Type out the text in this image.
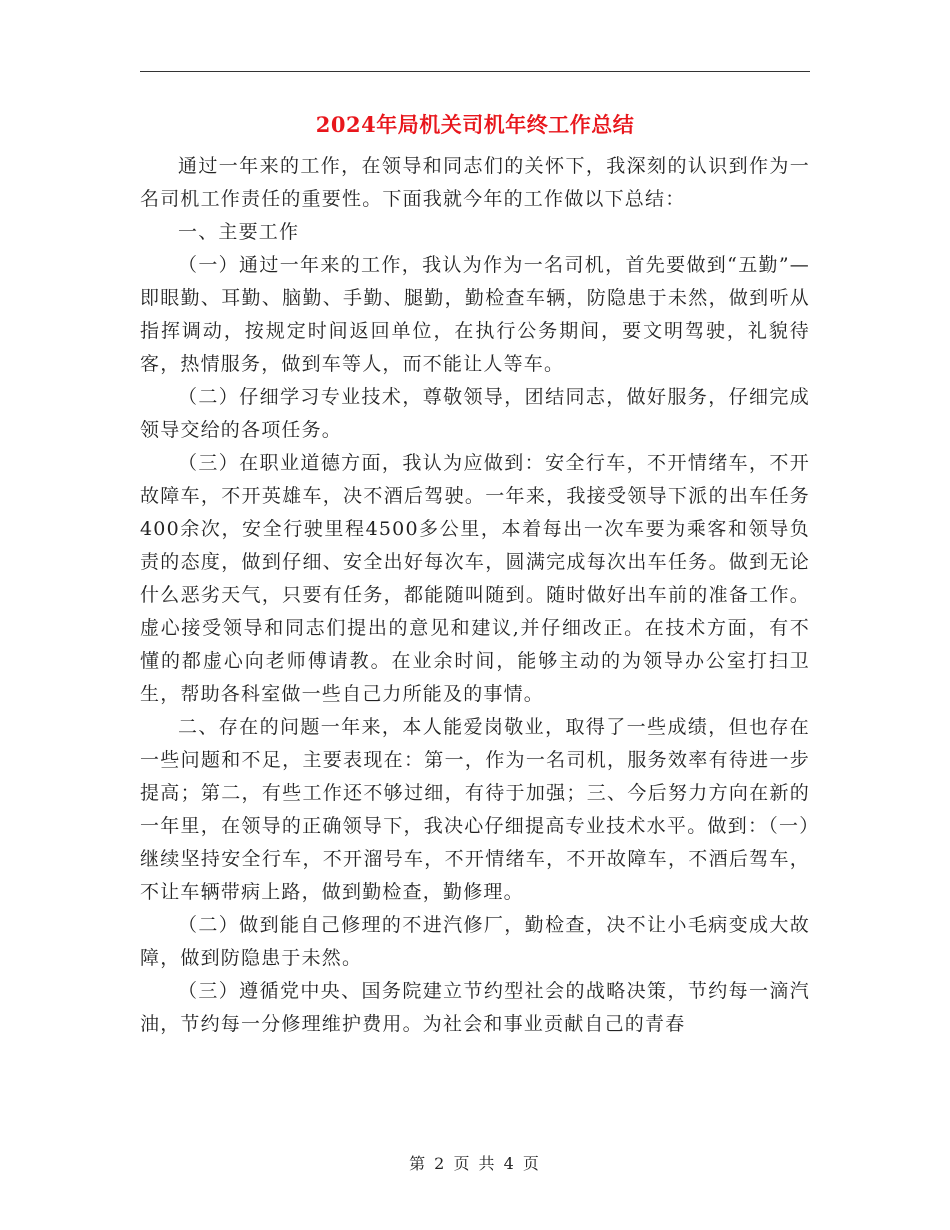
2024年局机关司机年终工作总结

通过一年来的工作，在领导和同志们的关怀下，我深刻的认识到作为一名司机工作责任的重要性。下面我就今年的工作做以下总结：

一、主要工作

（一）通过一年来的工作，我认为作为一名司机，首先要做到“五勤”—即眼勤、耳勤、脑勤、手勤、腿勤，勤检查车辆，防隐患于未然，做到听从指挥调动，按规定时间返回单位，在执行公务期间，要文明驾驶，礼貌待客，热情服务，做到车等人，而不能让人等车。

（二）仔细学习专业技术，尊敬领导，团结同志，做好服务，仔细完成领导交给的各项任务。

（三）在职业道德方面，我认为应做到：安全行车，不开情绪车，不开故障车，不开英雄车，决不酒后驾驶。一年来，我接受领导下派的出车任务400余次，安全行驶里程4500多公里，本着每出一次车要为乘客和领导负责的态度，做到仔细、安全出好每次车，圆满完成每次出车任务。做到无论什么恶劣天气，只要有任务，都能随叫随到。随时做好出车前的准备工作。虚心接受领导和同志们提出的意见和建议,并仔细改正。在技术方面，有不懂的都虚心向老师傅请教。在业余时间，能够主动的为领导办公室打扫卫生，帮助各科室做一些自己力所能及的事情。

二、存在的问题一年来，本人能爱岗敬业，取得了一些成绩，但也存在一些问题和不足，主要表现在：第一，作为一名司机，服务效率有待进一步提高；第二，有些工作还不够过细，有待于加强；三、今后努力方向在新的一年里，在领导的正确领导下，我决心仔细提高专业技术水平。做到：（一）继续坚持安全行车，不开溜号车，不开情绪车，不开故障车，不酒后驾车，不让车辆带病上路，做到勤检查，勤修理。

（二）做到能自己修理的不进汽修厂，勤检查，决不让小毛病变成大故障，做到防隐患于未然。

（三）遵循党中央、国务院建立节约型社会的战略决策，节约每一滴汽油，节约每一分修理维护费用。为社会和事业贡献自己的青春

第 2 页 共 4 页
